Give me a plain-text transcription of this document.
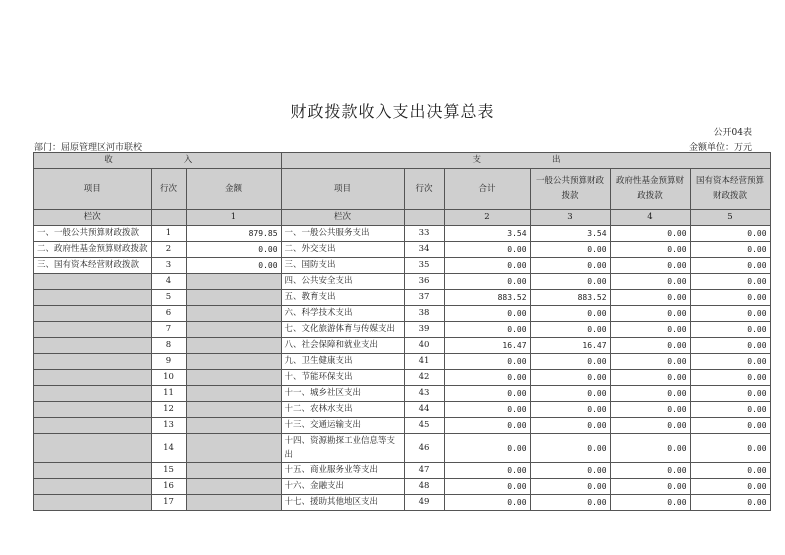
财政拨款收入支出决算总表
公开04表
部门：屈原管理区河市联校	金额单位：万元
收　　入			支　　出					
项目	行次	金额	项目	行次	合计	一般公共预算财政拨款	政府性基金预算财政拨款	国有资本经营预算财政拨款
栏次		1	栏次		2	3	4	5
一、一般公共预算财政拨款	1	879.85	一、一般公共服务支出	33	3.54	3.54	0.00	0.00
二、政府性基金预算财政拨款	2	0.00	二、外交支出	34	0.00	0.00	0.00	0.00
三、国有资本经营财政拨款	3	0.00	三、国防支出	35	0.00	0.00	0.00	0.00
	4		四、公共安全支出	36	0.00	0.00	0.00	0.00
	5		五、教育支出	37	883.52	883.52	0.00	0.00
	6		六、科学技术支出	38	0.00	0.00	0.00	0.00
	7		七、文化旅游体育与传媒支出	39	0.00	0.00	0.00	0.00
	8		八、社会保障和就业支出	40	16.47	16.47	0.00	0.00
	9		九、卫生健康支出	41	0.00	0.00	0.00	0.00
	10		十、节能环保支出	42	0.00	0.00	0.00	0.00
	11		十一、城乡社区支出	43	0.00	0.00	0.00	0.00
	12		十二、农林水支出	44	0.00	0.00	0.00	0.00
	13		十三、交通运输支出	45	0.00	0.00	0.00	0.00
	14		十四、资源勘探工业信息等支出	46	0.00	0.00	0.00	0.00
	15		十五、商业服务业等支出	47	0.00	0.00	0.00	0.00
	16		十六、金融支出	48	0.00	0.00	0.00	0.00
	17		十七、援助其他地区支出	49	0.00	0.00	0.00	0.00
